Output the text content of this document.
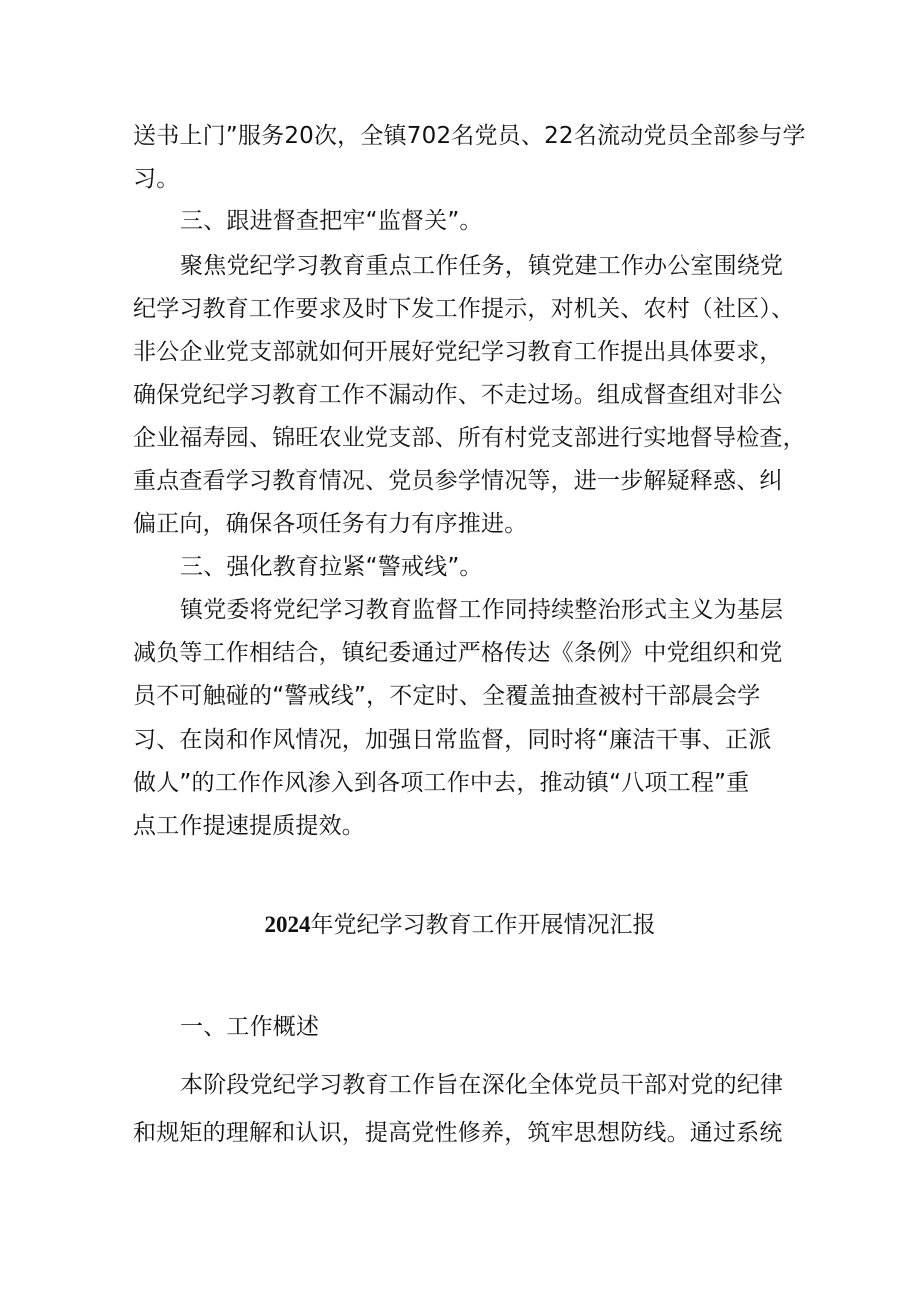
送书上门”服务20次，全镇702名党员、22名流动党员全部参与学
习。
三、跟进督查把牢“监督关”。
聚焦党纪学习教育重点工作任务，镇党建工作办公室围绕党
纪学习教育工作要求及时下发工作提示，对机关、农村（社区）、
非公企业党支部就如何开展好党纪学习教育工作提出具体要求，
确保党纪学习教育工作不漏动作、不走过场。组成督查组对非公
企业福寿园、锦旺农业党支部、所有村党支部进行实地督导检查，
重点查看学习教育情况、党员参学情况等，进一步解疑释惑、纠
偏正向，确保各项任务有力有序推进。
三、强化教育拉紧“警戒线”。
镇党委将党纪学习教育监督工作同持续整治形式主义为基层
减负等工作相结合，镇纪委通过严格传达《条例》中党组织和党
员不可触碰的“警戒线”，不定时、全覆盖抽查被村干部晨会学
习、在岗和作风情况，加强日常监督，同时将“廉洁干事、正派
做人”的工作作风渗入到各项工作中去，推动镇“八项工程”重
点工作提速提质提效。
2024年党纪学习教育工作开展情况汇报
一、工作概述
本阶段党纪学习教育工作旨在深化全体党员干部对党的纪律
和规矩的理解和认识，提高党性修养，筑牢思想防线。通过系统
